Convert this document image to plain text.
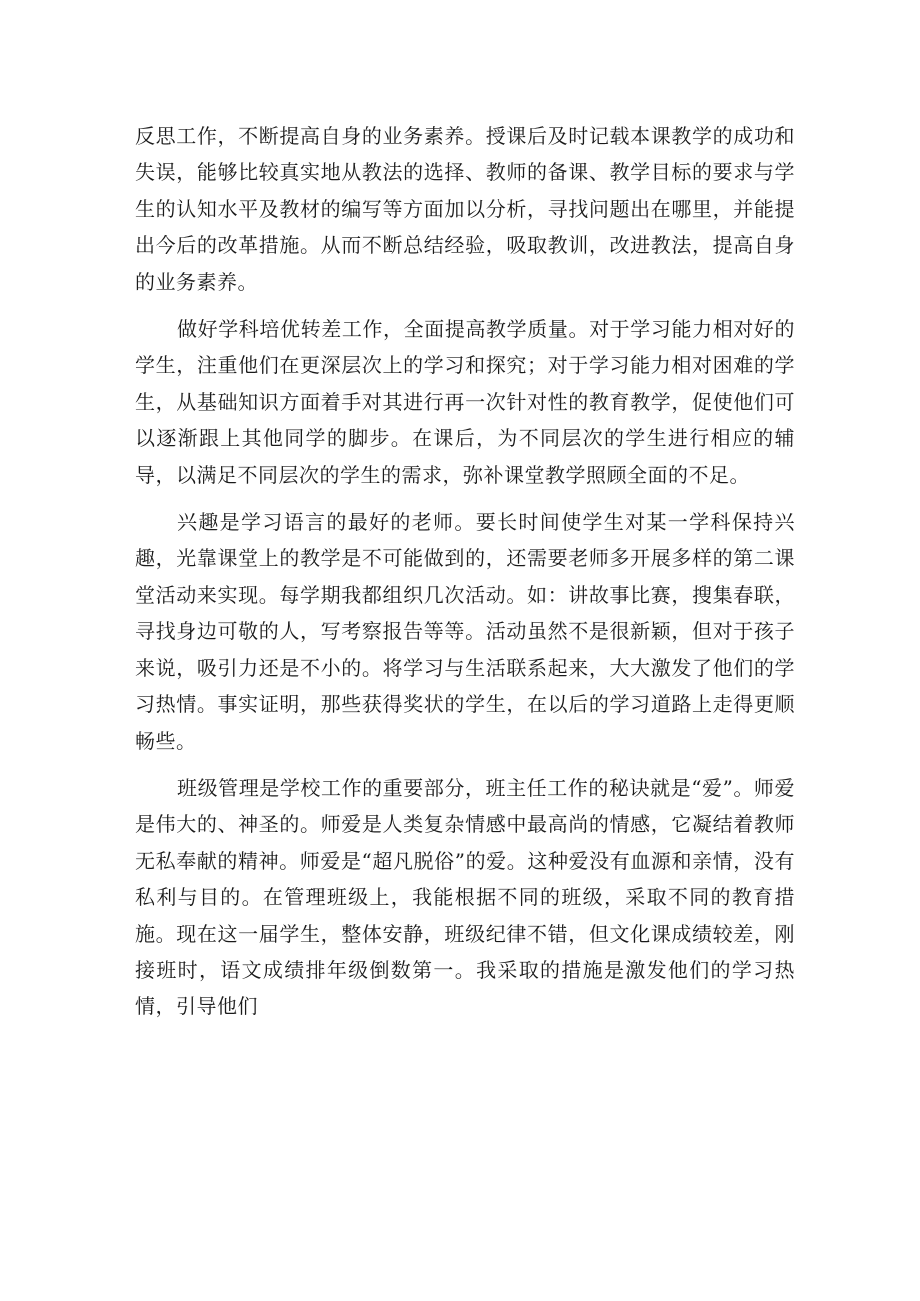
反思工作，不断提高自身的业务素养。授课后及时记载本课教学的成功和失误，能够比较真实地从教法的选择、教师的备课、教学目标的要求与学生的认知水平及教材的编写等方面加以分析，寻找问题出在哪里，并能提出今后的改革措施。从而不断总结经验，吸取教训，改进教法，提高自身的业务素养。

做好学科培优转差工作，全面提高教学质量。对于学习能力相对好的学生，注重他们在更深层次上的学习和探究；对于学习能力相对困难的学生，从基础知识方面着手对其进行再一次针对性的教育教学，促使他们可以逐渐跟上其他同学的脚步。在课后，为不同层次的学生进行相应的辅导，以满足不同层次的学生的需求，弥补课堂教学照顾全面的不足。

兴趣是学习语言的最好的老师。要长时间使学生对某一学科保持兴趣，光靠课堂上的教学是不可能做到的，还需要老师多开展多样的第二课堂活动来实现。每学期我都组织几次活动。如：讲故事比赛，搜集春联，寻找身边可敬的人，写考察报告等等。活动虽然不是很新颖，但对于孩子来说，吸引力还是不小的。将学习与生活联系起来，大大激发了他们的学习热情。事实证明，那些获得奖状的学生，在以后的学习道路上走得更顺畅些。

班级管理是学校工作的重要部分，班主任工作的秘诀就是“爱”。师爱是伟大的、神圣的。师爱是人类复杂情感中最高尚的情感，它凝结着教师无私奉献的精神。师爱是“超凡脱俗”的爱。这种爱没有血源和亲情，没有私利与目的。在管理班级上，我能根据不同的班级，采取不同的教育措施。现在这一届学生，整体安静，班级纪律不错，但文化课成绩较差，刚接班时，语文成绩排年级倒数第一。我采取的措施是激发他们的学习热情，引导他们
